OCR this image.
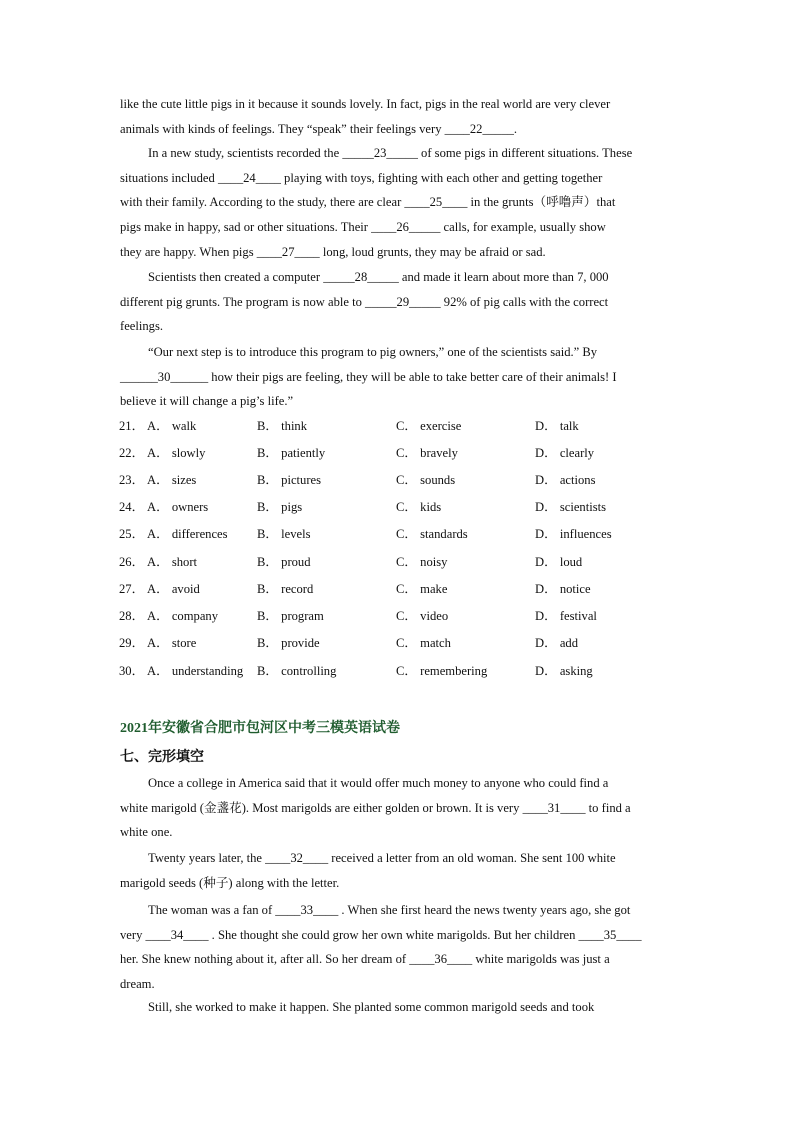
like the cute little pigs in it because it sounds lovely. In fact, pigs in the real world are very clever
animals with kinds of feelings. They “speak” their feelings very ____22_____.
In a new study, scientists recorded the _____23_____ of some pigs in different situations. These
situations included ____24____ playing with toys, fighting with each other and getting together
with their family. According to the study, there are clear ____25____ in the grunts（呼噜声）that
pigs make in happy, sad or other situations. Their ____26_____ calls, for example, usually show
they are happy. When pigs ____27____ long, loud grunts, they may be afraid or sad.
Scientists then created a computer _____28_____ and made it learn about more than 7, 000
different pig grunts. The program is now able to _____29_____ 92% of pig calls with the correct
feelings.
“Our next step is to introduce this program to pig owners,” one of the scientists said.” By
______30______ how their pigs are feeling, they will be able to take better care of their animals! I
believe it will change a pig’s life.”
21． A． walk	B． think	C． exercise	D． talk
22． A． slowly	B． patiently	C． bravely	D． clearly
23． A． sizes	B． pictures	C． sounds	D． actions
24． A． owners	B． pigs	C． kids	D． scientists
25． A． differences B． levels	C． standards	D． influences
26． A． short	B． proud	C． noisy	D． loud
27． A． avoid	B． record	C． make	D． notice
28． A． company	B． program	C． video	D． festival
29． A． store	B． provide	C． match	D． add
30． A． understanding B． controlling	C． remembering	D． asking
2021年安徽省合肥市包河区中考三模英语试卷
七、完形填空
Once a college in America said that it would offer much money to anyone who could find a
white marigold (金盞花). Most marigolds are either golden or brown. It is very ____31____ to find a
white one.
Twenty years later, the ____32____ received a letter from an old woman. She sent 100 white
marigold seeds (种子) along with the letter.
The woman was a fan of ____33____ . When she first heard the news twenty years ago, she got
very ____34____ . She thought she could grow her own white marigolds. But her children ____35____
her. She knew nothing about it, after all. So her dream of ____36____ white marigolds was just a
dream.
Still, she worked to make it happen. She planted some common marigold seeds and took
